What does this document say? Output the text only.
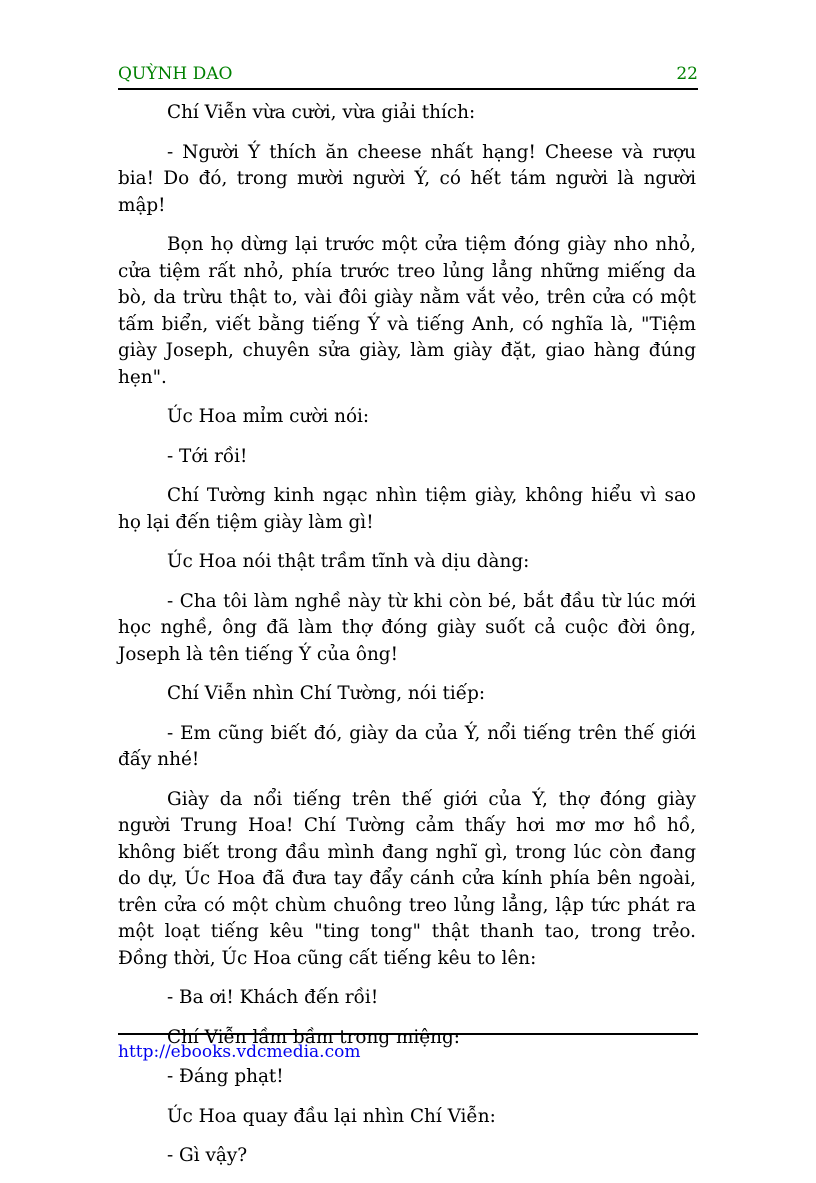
QUỲNH DAO	22

Chí Viễn vừa cười, vừa giải thích:

- Người Ý thích ăn cheese nhất hạng! Cheese và rượu bia! Do đó, trong mười người Ý, có hết tám người là người mập!

Bọn họ dừng lại trước một cửa tiệm đóng giày nho nhỏ, cửa tiệm rất nhỏ, phía trước treo lủng lẳng những miếng da bò, da trừu thật to, vài đôi giày nằm vắt vẻo, trên cửa có một tấm biển, viết bằng tiếng Ý và tiếng Anh, có nghĩa là, "Tiệm giày Joseph, chuyên sửa giày, làm giày đặt, giao hàng đúng hẹn".

Úc Hoa mỉm cười nói:

- Tới rồi!

Chí Tường kinh ngạc nhìn tiệm giày, không hiểu vì sao họ lại đến tiệm giày làm gì!

Úc Hoa nói thật trầm tĩnh và dịu dàng:

- Cha tôi làm nghề này từ khi còn bé, bắt đầu từ lúc mới học nghề, ông đã làm thợ đóng giày suốt cả cuộc đời ông, Joseph là tên tiếng Ý của ông!

Chí Viễn nhìn Chí Tường, nói tiếp:

- Em cũng biết đó, giày da của Ý, nổi tiếng trên thế giới đấy nhé!

Giày da nổi tiếng trên thế giới của Ý, thợ đóng giày người Trung Hoa! Chí Tường cảm thấy hơi mơ mơ hồ hồ, không biết trong đầu mình đang nghĩ gì, trong lúc còn đang do dự, Úc Hoa đã đưa tay đẩy cánh cửa kính phía bên ngoài, trên cửa có một chùm chuông treo lủng lẳng, lập tức phát ra một loạt tiếng kêu "ting tong" thật thanh tao, trong trẻo. Đồng thời, Úc Hoa cũng cất tiếng kêu to lên:

- Ba ơi! Khách đến rồi!

Chí Viễn lầm bầm trong miệng:

- Đáng phạt!

Úc Hoa quay đầu lại nhìn Chí Viễn:

- Gì vậy?

http://ebooks.vdcmedia.com
